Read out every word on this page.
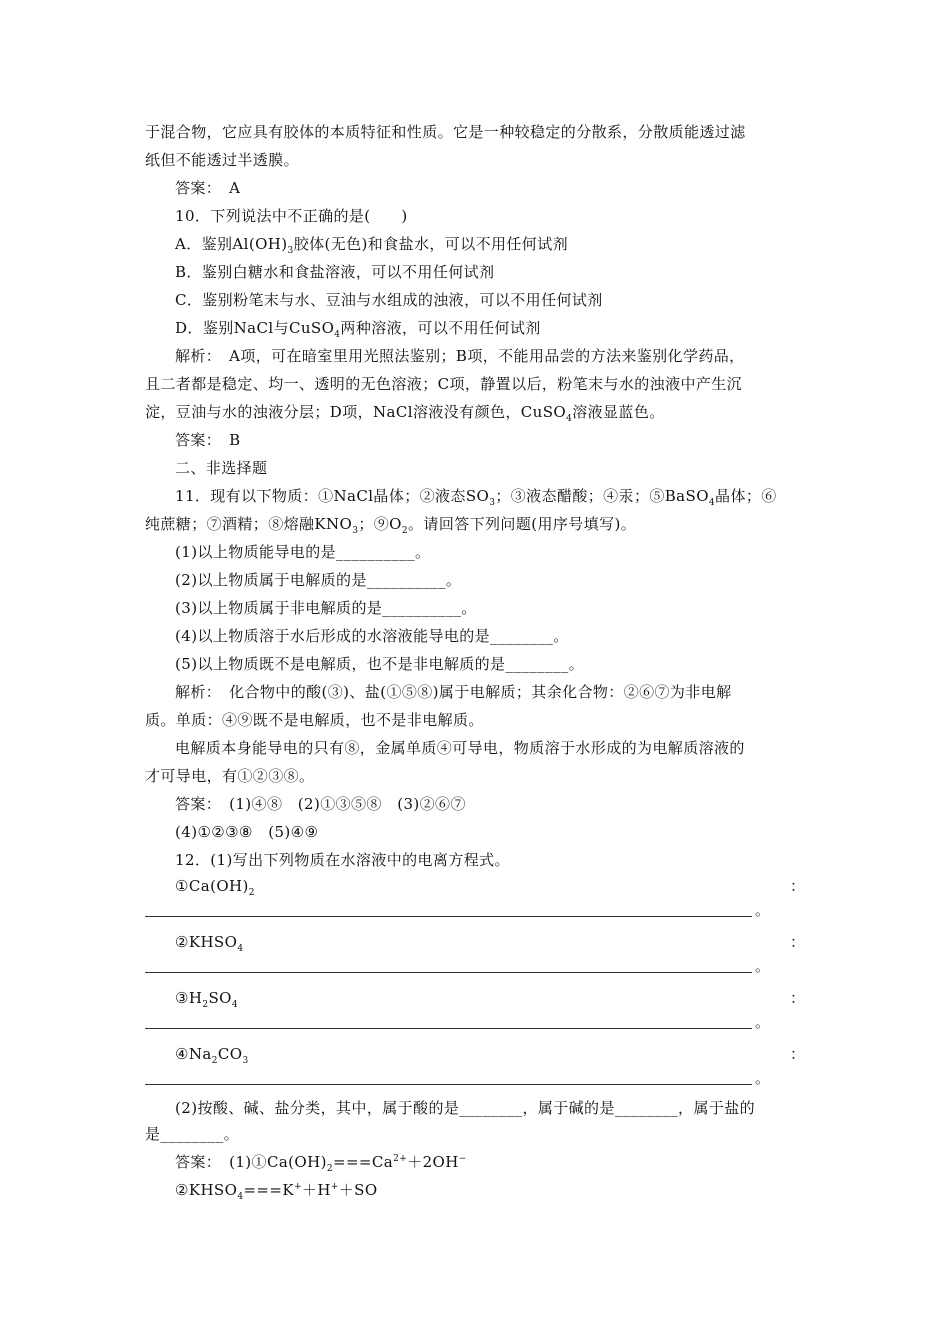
于混合物，它应具有胶体的本质特征和性质。它是一种较稳定的分散系，分散质能透过滤
纸但不能透过半透膜。
答案：　A
10．下列说法中不正确的是(　　)
A．鉴别$Al(OH)_3$胶体(无色)和食盐水，可以不用任何试剂
B．鉴别白糖水和食盐溶液，可以不用任何试剂
C．鉴别粉笔末与水、豆油与水组成的浊液，可以不用任何试剂
D．鉴别NaCl与CuSO$_4$两种溶液，可以不用任何试剂
解析：　A项，可在暗室里用光照法鉴别；B项，不能用品尝的方法来鉴别化学药品，
且二者都是稳定、均一、透明的无色溶液；C项，静置以后，粉笔末与水的浊液中产生沉
淀，豆油与水的浊液分层；D项，NaCl溶液没有颜色，CuSO$_4$溶液显蓝色。
答案：　B
二、非选择题
11．现有以下物质：①NaCl晶体；②液态$SO_3$；③液态醋酸；④汞；⑤BaSO$_4$晶体；⑥
纯蔗糖；⑦酒精；⑧熔融$KNO_3$；$⑨O_2$。请回答下列问题(用序号填写)。
(1)以上物质能导电的是__________。
(2)以上物质属于电解质的是__________。
(3)以上物质属于非电解质的是__________。
(4)以上物质溶于水后形成的水溶液能导电的是________。
(5)以上物质既不是电解质，也不是非电解质的是________。
解析：　化合物中的酸(③)、盐(①⑤⑧)属于电解质；其余化合物：②⑥⑦为非电解
质。单质：④⑨既不是电解质，也不是非电解质。
电解质本身能导电的只有⑧，金属单质④可导电，物质溶于水形成的为电解质溶液的
才可导电，有①②③⑧。
答案：　(1)④⑧　(2)①③⑤⑧　(3)②⑥⑦
(4)①②③⑧　(5)④⑨
12．(1)写出下列物质在水溶液中的电离方程式。
$①Ca(OH)_2$	：
。
$②KHSO_4$	：
。
$③H_2SO_4$	：
。
$④Na_2CO_3$	：
。
(2)按酸、碱、盐分类，其中，属于酸的是________，属于碱的是________，属于盐的
是________。
答案：　$(1)①Ca(OH)_2===Ca^{2+}+2OH^-$
$②KHSO_4===K^++H^++SO$
